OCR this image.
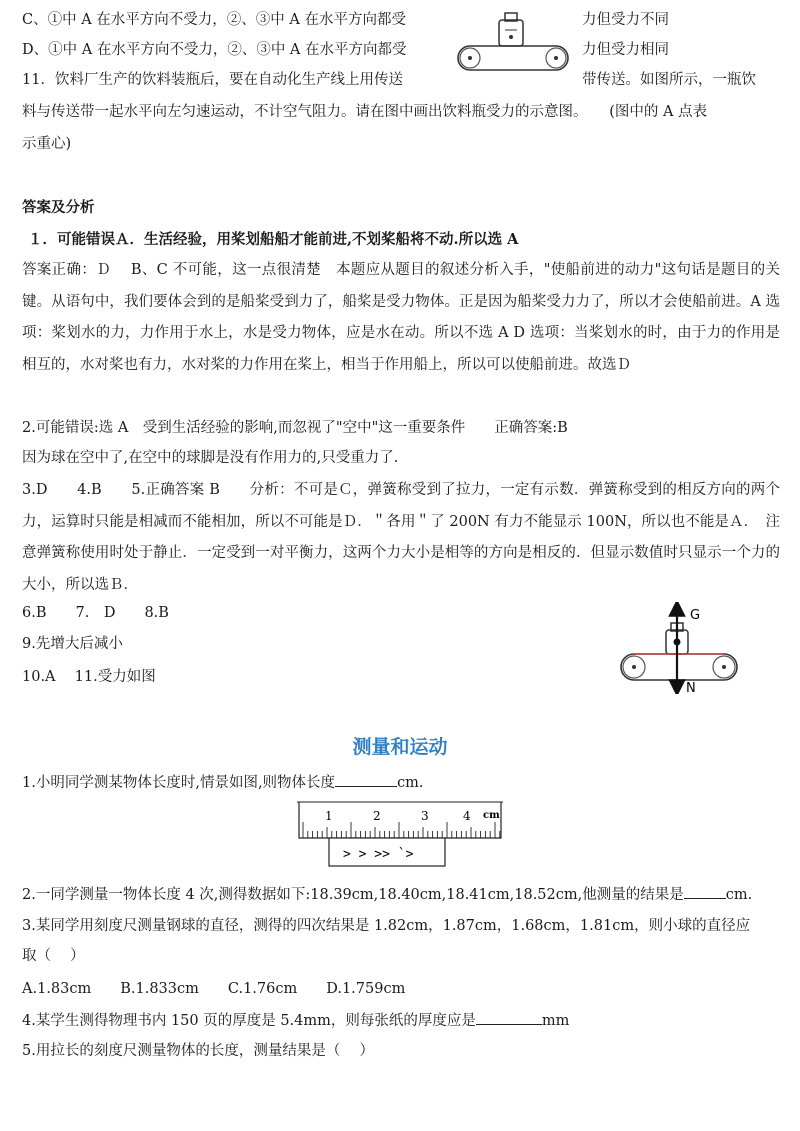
C、①中 A 在水平方向不受力，②、③中 A 在水平方向都受	力但受力不同
D、①中 A 在水平方向不受力，②、③中 A 在水平方向都受	力但受力相同
11．饮料厂生产的饮料装瓶后，要在自动化生产线上用传送	带传送。如图所示，一瓶饮
料与传送带一起水平向左匀速运动，不计空气阻力。请在图中画出饮料瓶受力的示意图。　　(图中的 A 点表
示重心)
答案及分析
１．可能错误Ａ．生活经验，用桨划船船才能前进,不划桨船将不动.所以选 A
答案正确：Ｄ　 B、C 不可能，这一点很清楚　本题应从题目的叙述分析入手，"使船前进的动力"这句话是题目的关键。从语句中，我们要体会到的是船桨受到力了，船桨是受力物体。正是因为船桨受力力了，所以才会使船前进。A 选项：桨划水的力，力作用于水上，水是受力物体，应是水在动。所以不选 A D 选项：当桨划水的时，由于力的作用是相互的，水对桨也有力，水对桨的力作用在桨上，相当于作用船上，所以可以使船前进。故选Ｄ
2.可能错误:选 A　受到生活经验的影响,而忽视了"空中"这一重要条件　　正确答案:B
因为球在空中了,在空中的球脚是没有作用力的,只受重力了.
3.D　　4.B　　5.正确答案 B　　分析：不可是Ｃ，弹簧称受到了拉力，一定有示数．弹簧称受到的相反方向的两个力，运算时只能是相减而不能相加，所以不可能是Ｄ．＂各用＂了 200N 有力不能显示 100N，所以也不能是Ａ．　注意弹簧称使用时处于静止．一定受到一对平衡力，这两个力大小是相等的方向是相反的．但显示数值时只显示一个力的大小，所以选Ｂ．
6.B　　7.　D　　8.B
9.先增大后减小
10.A　 11.受力如图
G
N
测量和运动
1.小明同学测某物体长度时,情景如图,则物体长度	cm.
1	2	3	4 cm
> > >> `>
2.一同学测量一物体长度 4 次,测得数据如下:18.39cm,18.40cm,18.41cm,18.52cm,他测量的结果是	cm.
3.某同学用刻度尺测量钢球的直径，测得的四次结果是 1.82cm，1.87cm，1.68cm，1.81cm，则小球的直径应
取（　 ）
A.1.83cm　　B.1.833cm　　C.1.76cm　　D.1.759cm
4.某学生测得物理书内 150 页的厚度是 5.4mm，则每张纸的厚度应是	mm
5.用拉长的刻度尺测量物体的长度，测量结果是（　 ）
